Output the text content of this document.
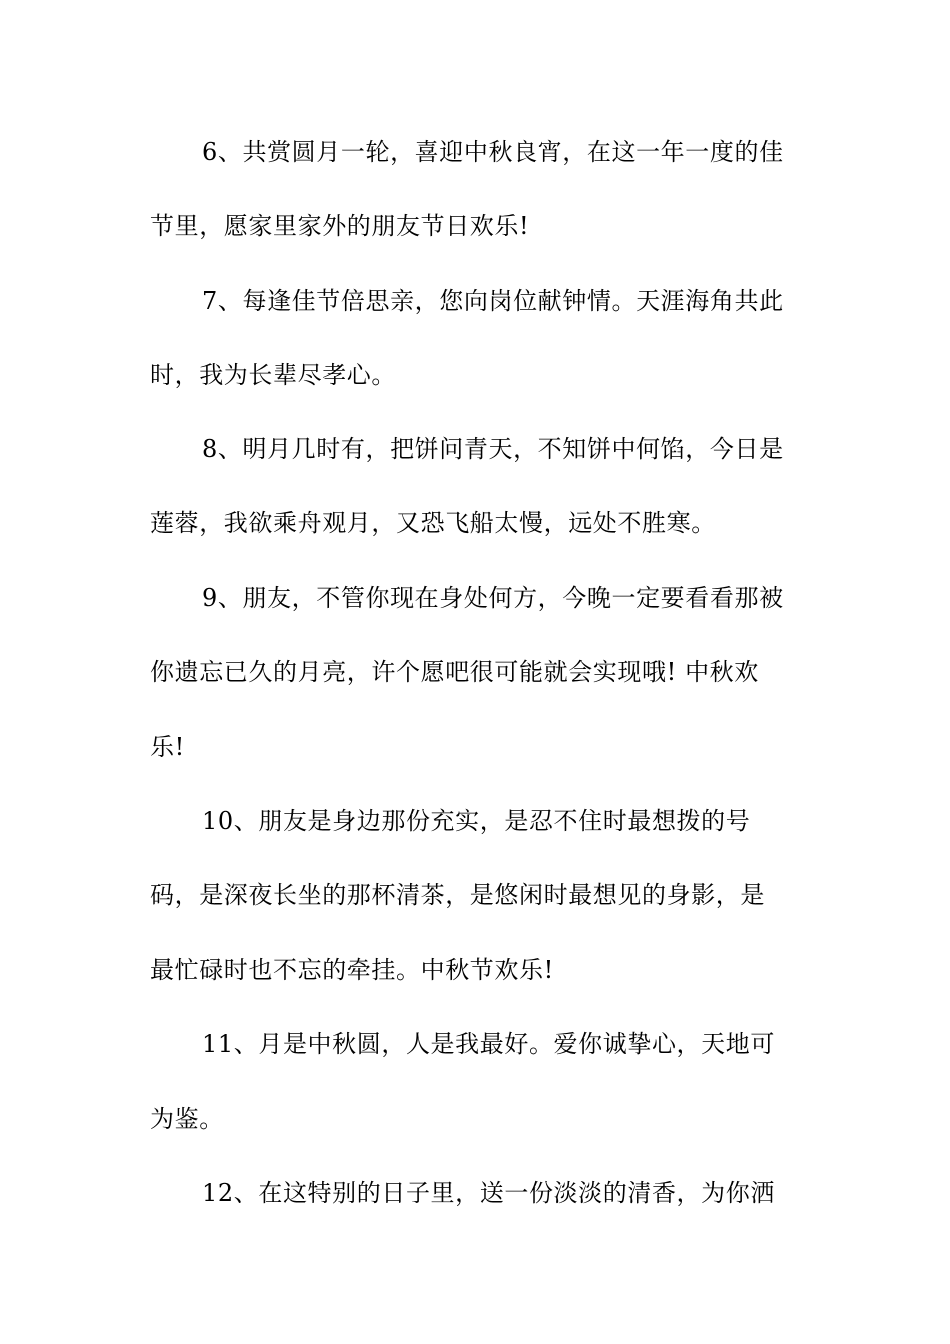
6、共赏圆月一轮，喜迎中秋良宵，在这一年一度的佳
节里，愿家里家外的朋友节日欢乐!
7、每逢佳节倍思亲，您向岗位献钟情。天涯海角共此
时，我为长辈尽孝心。
8、明月几时有，把饼问青天，不知饼中何馅，今日是
莲蓉，我欲乘舟观月，又恐飞船太慢，远处不胜寒。
9、朋友，不管你现在身处何方，今晚一定要看看那被
你遗忘已久的月亮，许个愿吧很可能就会实现哦! 中秋欢
乐!
10、朋友是身边那份充实，是忍不住时最想拨的号
码，是深夜长坐的那杯清茶，是悠闲时最想见的身影，是
最忙碌时也不忘的牵挂。中秋节欢乐!
11、月是中秋圆，人是我最好。爱你诚挚心，天地可
为鉴。
12、在这特别的日子里，送一份淡淡的清香，为你洒
